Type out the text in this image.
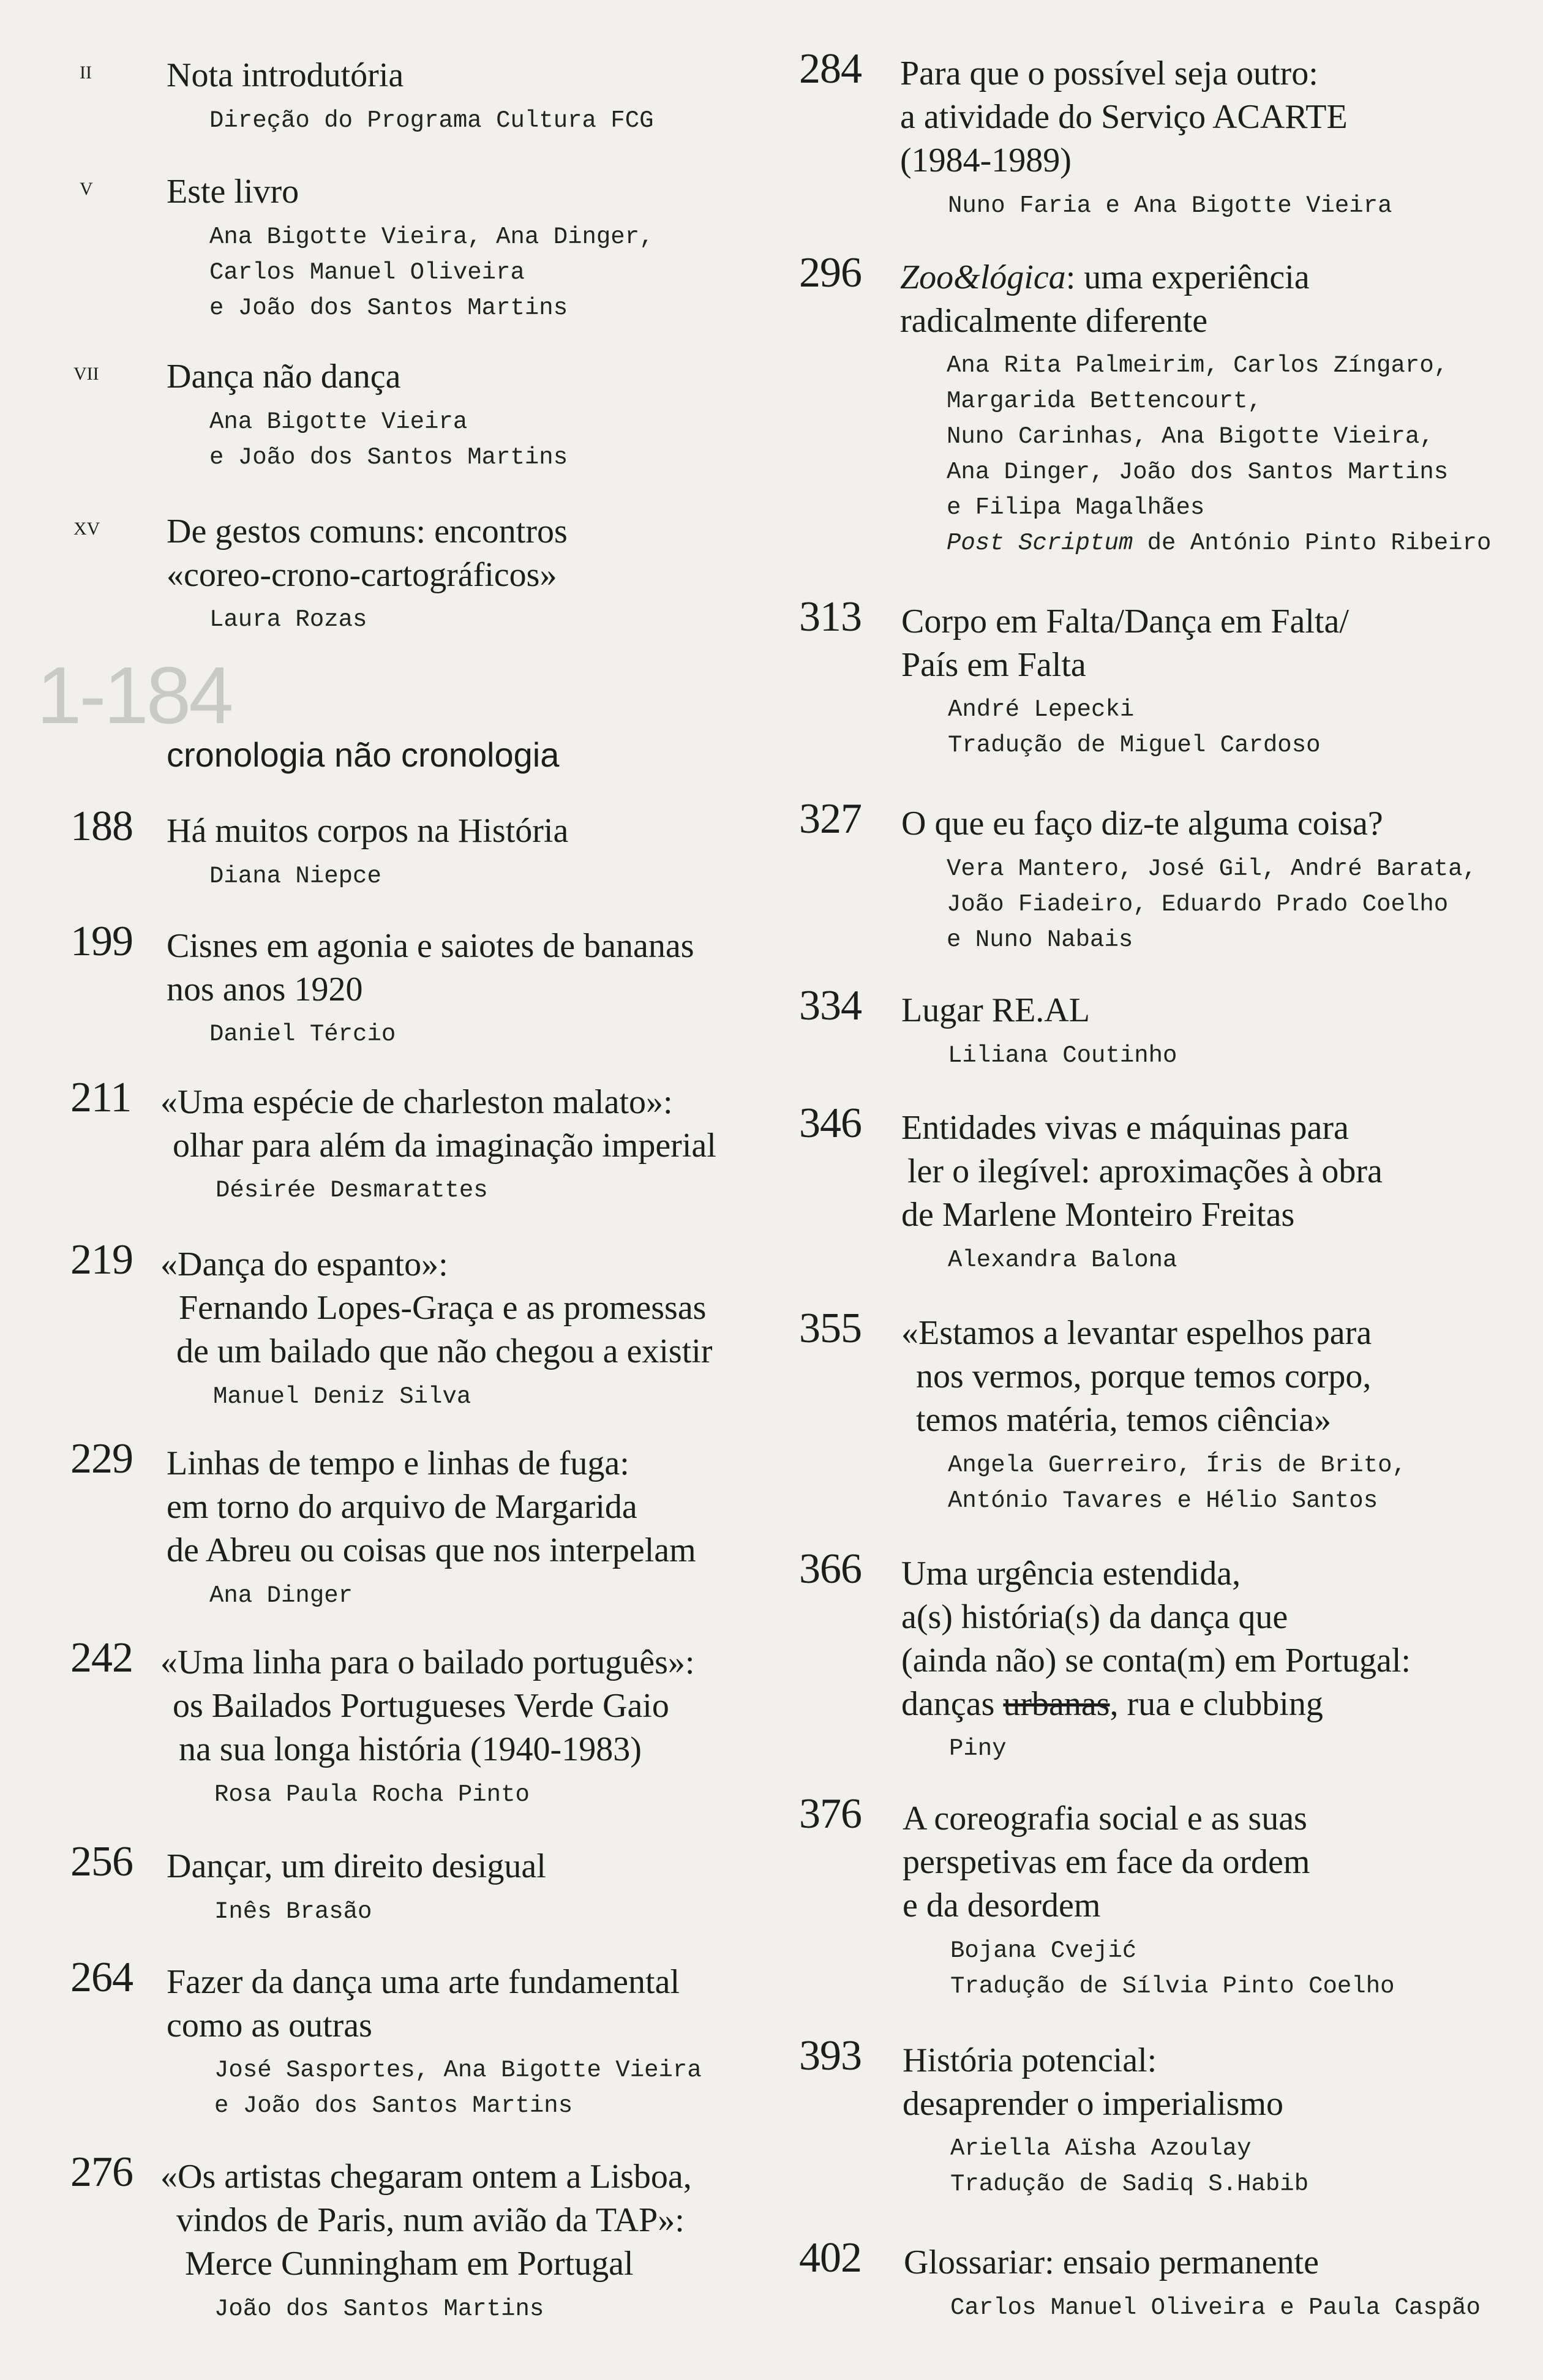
II Nota introdutória
Direção do Programa Cultura FCG
V Este livro
Ana Bigotte Vieira, Ana Dinger,
Carlos Manuel Oliveira
e João dos Santos Martins
VII Dança não dança
Ana Bigotte Vieira
e João dos Santos Martins
XV De gestos comuns: encontros
«coreo-crono-cartográficos»
Laura Rozas
1-184
cronologia não cronologia
188 Há muitos corpos na História
Diana Niepce
199 Cisnes em agonia e saiotes de bananas
nos anos 1920
Daniel Tércio
211 «Uma espécie de charleston malato»:
olhar para além da imaginação imperial
Désirée Desmarattes
219 «Dança do espanto»:
Fernando Lopes-Graça e as promessas
de um bailado que não chegou a existir
Manuel Deniz Silva
229 Linhas de tempo e linhas de fuga:
em torno do arquivo de Margarida
de Abreu ou coisas que nos interpelam
Ana Dinger
242 «Uma linha para o bailado português»:
os Bailados Portugueses Verde Gaio
na sua longa história (1940-1983)
Rosa Paula Rocha Pinto
256 Dançar, um direito desigual
Inês Brasão
264 Fazer da dança uma arte fundamental
como as outras
José Sasportes, Ana Bigotte Vieira
e João dos Santos Martins
276 «Os artistas chegaram ontem a Lisboa,
vindos de Paris, num avião da TAP»:
Merce Cunningham em Portugal
João dos Santos Martins
284 Para que o possível seja outro:
a atividade do Serviço ACARTE
(1984-1989)
Nuno Faria e Ana Bigotte Vieira
296 Zoo&lógica: uma experiência
radicalmente diferente
Ana Rita Palmeirim, Carlos Zíngaro,
Margarida Bettencourt,
Nuno Carinhas, Ana Bigotte Vieira,
Ana Dinger, João dos Santos Martins
e Filipa Magalhães
Post Scriptum de António Pinto Ribeiro
313 Corpo em Falta/Dança em Falta/
País em Falta
André Lepecki
Tradução de Miguel Cardoso
327 O que eu faço diz-te alguma coisa?
Vera Mantero, José Gil, André Barata,
João Fiadeiro, Eduardo Prado Coelho
e Nuno Nabais
334 Lugar RE.AL
Liliana Coutinho
346 Entidades vivas e máquinas para
ler o ilegível: aproximações à obra
de Marlene Monteiro Freitas
Alexandra Balona
355 «Estamos a levantar espelhos para
nos vermos, porque temos corpo,
temos matéria, temos ciência»
Angela Guerreiro, Íris de Brito,
António Tavares e Hélio Santos
366 Uma urgência estendida,
a(s) história(s) da dança que
(ainda não) se conta(m) em Portugal:
danças urbanas, rua e clubbing
Piny
376 A coreografia social e as suas
perspetivas em face da ordem
e da desordem
Bojana Cvejić
Tradução de Sílvia Pinto Coelho
393 História potencial:
desaprender o imperialismo
Ariella Aïsha Azoulay
Tradução de Sadiq S.Habib
402 Glossariar: ensaio permanente
Carlos Manuel Oliveira e Paula Caspão
